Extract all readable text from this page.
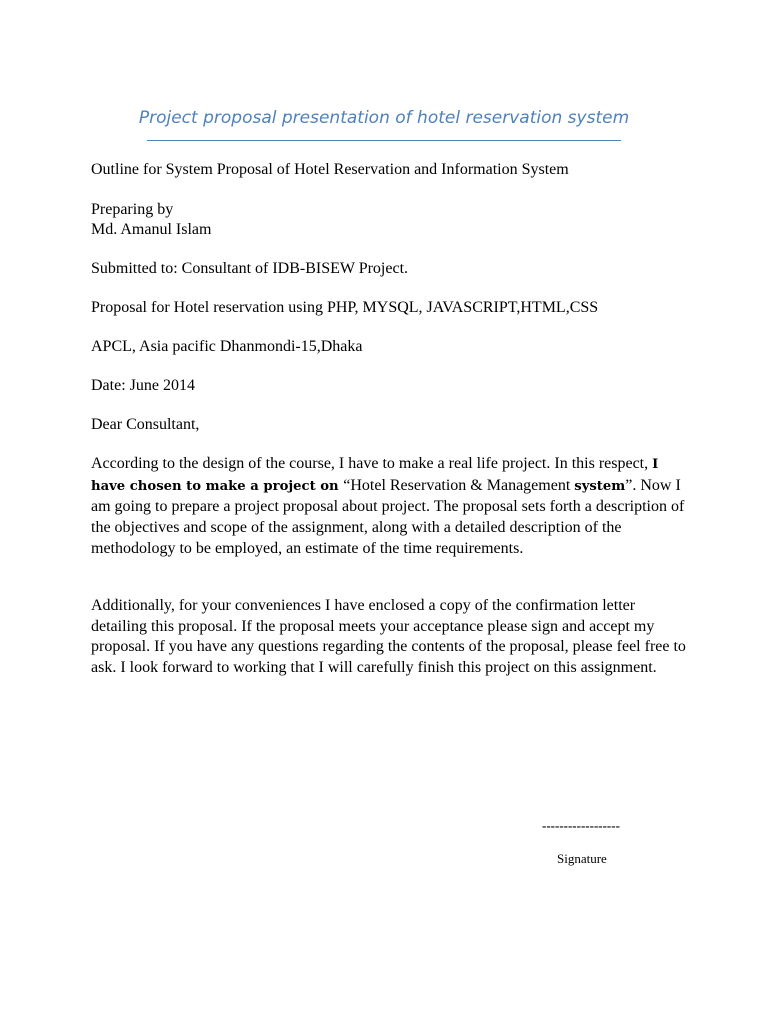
Project proposal presentation of hotel reservation system
Outline for System Proposal of Hotel Reservation and Information System
Preparing by
Md. Amanul Islam
Submitted to: Consultant of IDB-BISEW Project.
Proposal for Hotel reservation using PHP, MYSQL, JAVASCRIPT,HTML,CSS
APCL, Asia pacific Dhanmondi-15,Dhaka
Date: June 2014
Dear Consultant,
According to the design of the course, I have to make a real life project. In this respect, I have chosen to make a project on “Hotel Reservation & Management system”. Now I am going to prepare a project proposal about project. The proposal sets forth a description of the objectives and scope of the assignment, along with a detailed description of the methodology to be employed, an estimate of the time requirements.
Additionally, for your conveniences I have enclosed a copy of the confirmation letter detailing this proposal. If the proposal meets your acceptance please sign and accept my proposal. If you have any questions regarding the contents of the proposal, please feel free to ask. I look forward to working that I will carefully finish this project on this assignment.
------------------
Signature
